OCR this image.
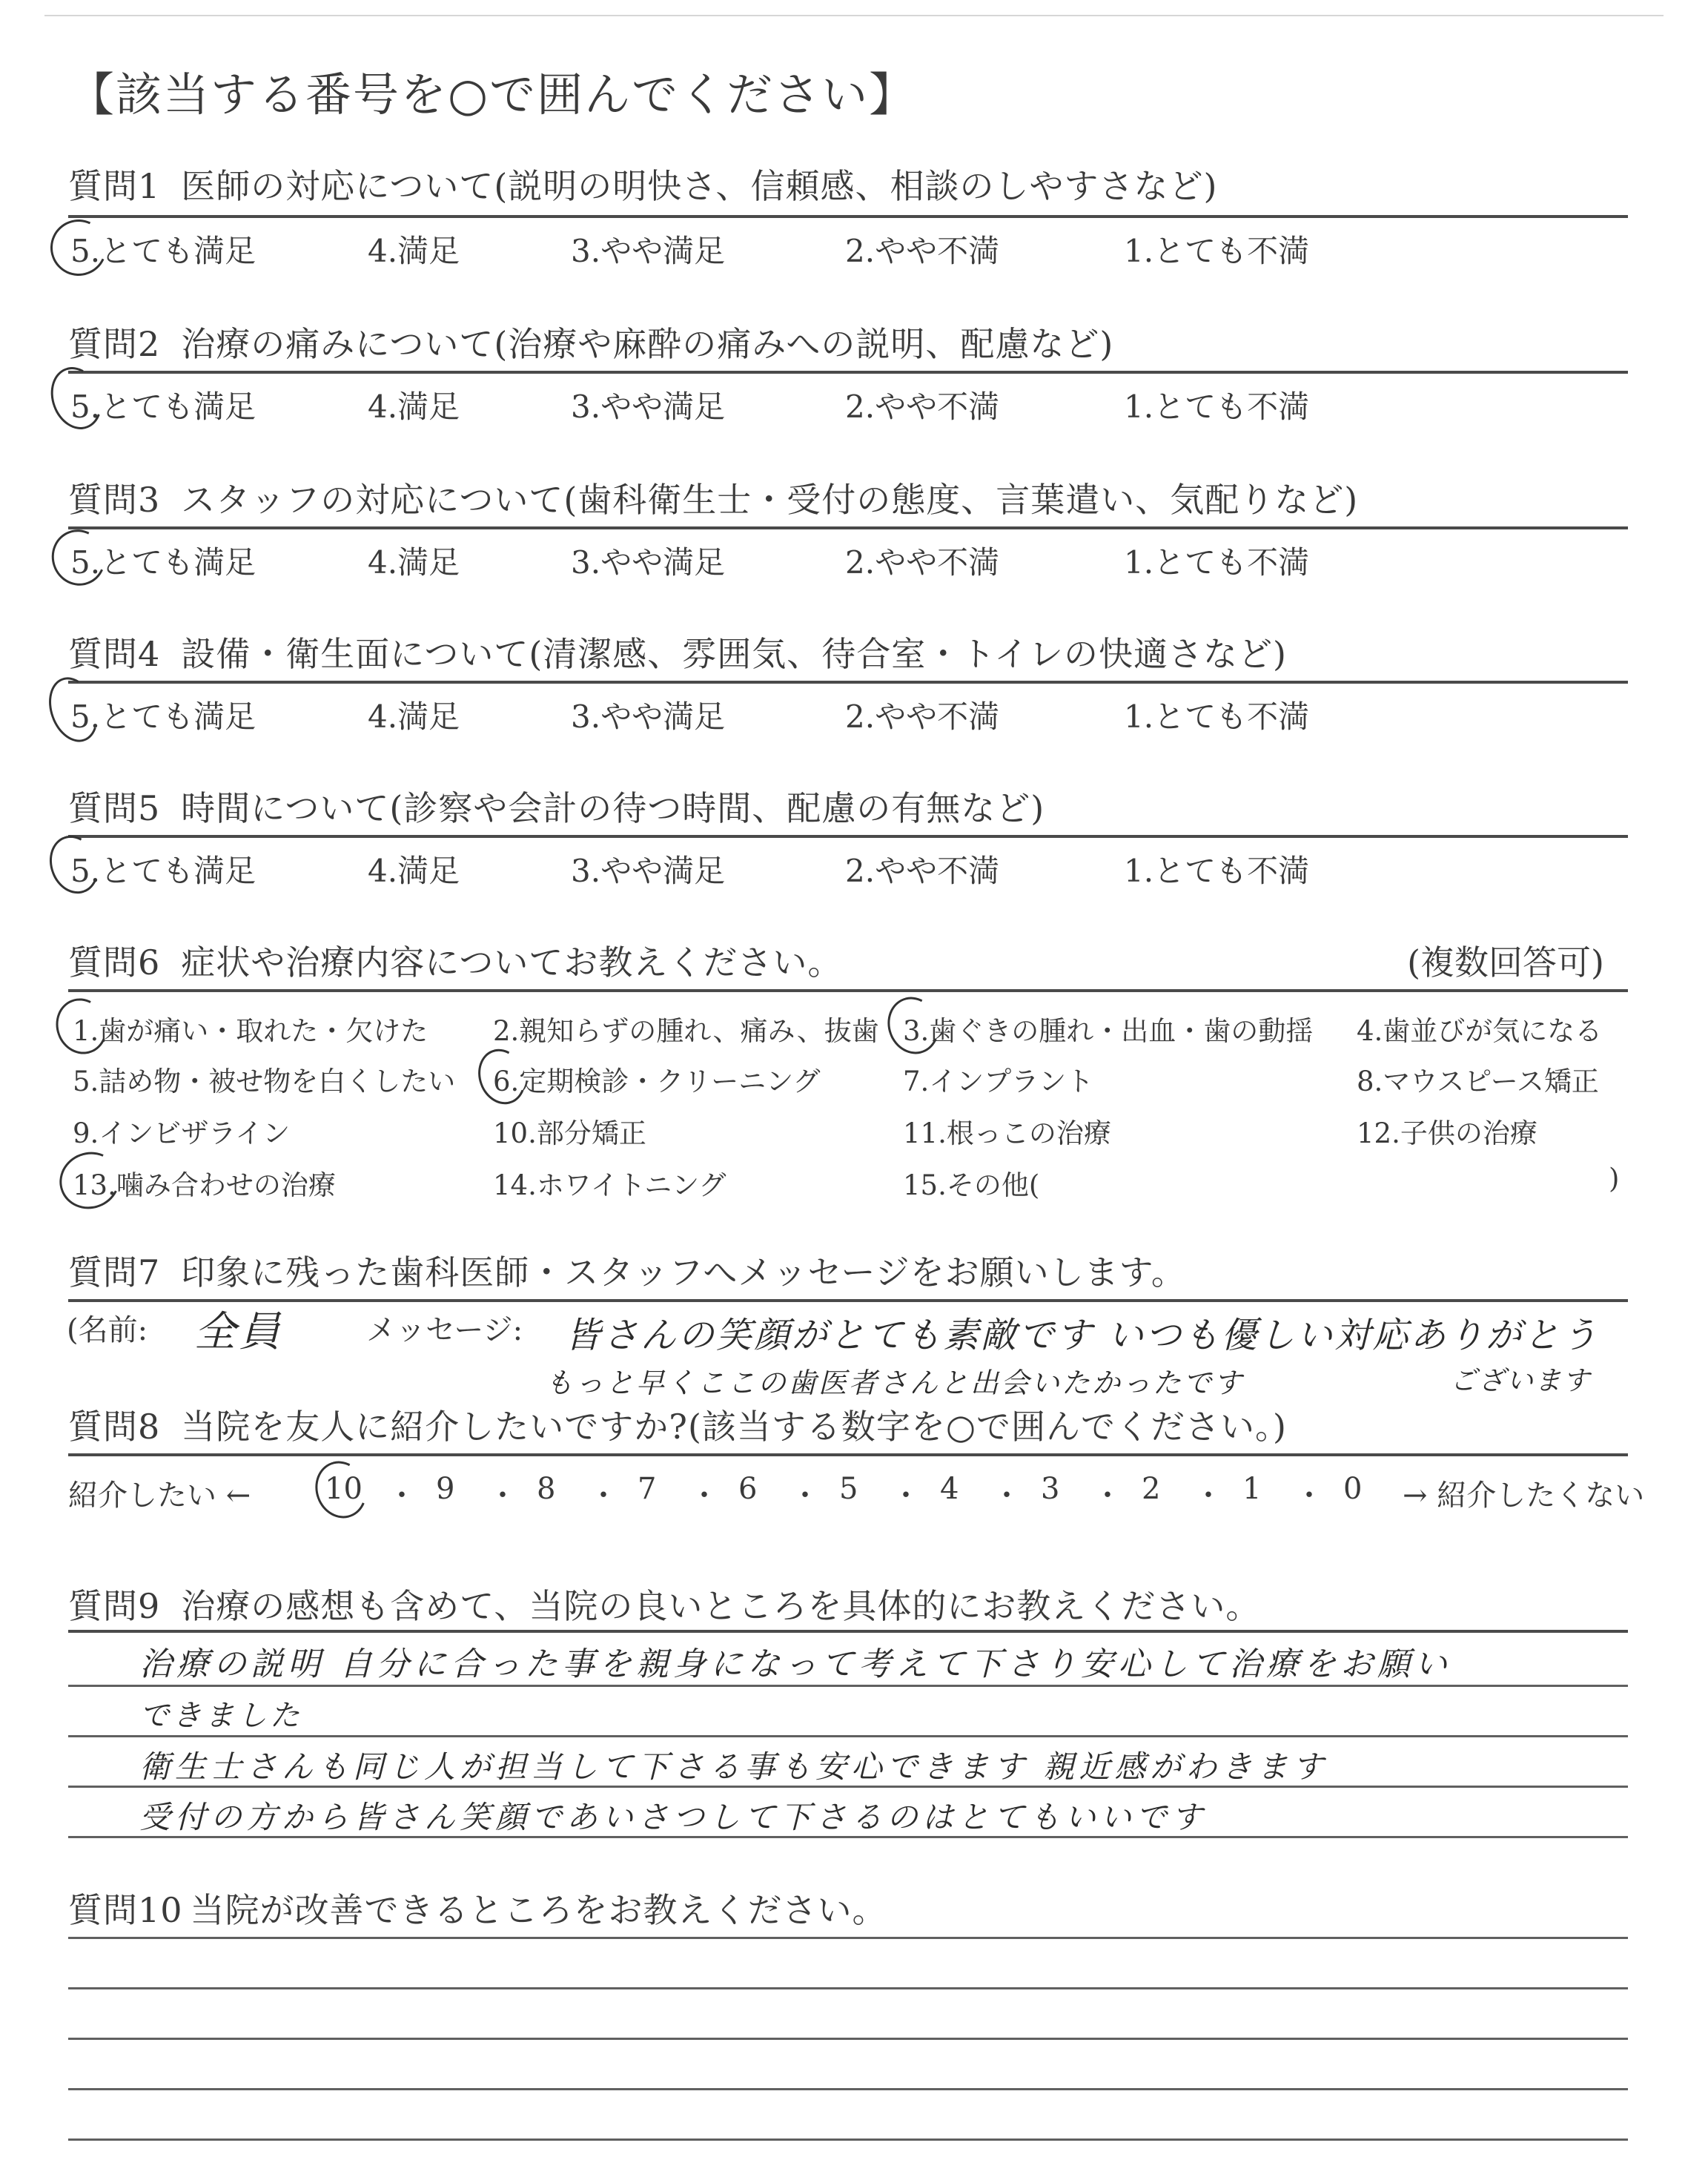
【該当する番号を○で囲んでください】
質問1 医師の対応について(説明の明快さ、信頼感、相談のしやすさなど)
5.とても満足	4.満足	3.やや満足	2.やや不満	1.とても不満
質問2 治療の痛みについて(治療や麻酔の痛みへの説明、配慮など)
5.とても満足	4.満足	3.やや満足	2.やや不満	1.とても不満
質問3 スタッフの対応について(歯科衛生士・受付の態度、言葉遣い、気配りなど)
5.とても満足	4.満足	3.やや満足	2.やや不満	1.とても不満
質問4 設備・衛生面について(清潔感、雰囲気、待合室・トイレの快適さなど)
5.とても満足	4.満足	3.やや満足	2.やや不満	1.とても不満
質問5 時間について(診察や会計の待つ時間、配慮の有無など)
5.とても満足	4.満足	3.やや満足	2.やや不満	1.とても不満
質問6 症状や治療内容についてお教えください。	(複数回答可)
1.歯が痛い・取れた・欠けた 2.親知らずの腫れ、痛み、抜歯 3.歯ぐきの腫れ・出血・歯の動揺 4.歯並びが気になる
5.詰め物・被せ物を白くしたい 6.定期検診・クリーニング	7.インプラント	8.マウスピース矯正
9.インビザライン	10.部分矯正	11.根っこの治療	12.子供の治療
13.噛み合わせの治療	14.ホワイトニング	15.その他(	)
質問7 印象に残った歯科医師・スタッフへメッセージをお願いします。
(名前: 全員	メッセージ: 皆さんの笑顔がとても素敵です いつも優しい対応ありがとう
もっと早くここの歯医者さんと出会いたかったです	ございます
質問8 当院を友人に紹介したいですか?(該当する数字を○で囲んでください。)
紹介したい ← 10 ・ 9 ・ 8 ・ 7 ・ 6 ・ 5 ・ 4 ・ 3 ・ 2 ・ 1 ・ 0 → 紹介したくない
質問9 治療の感想も含めて、当院の良いところを具体的にお教えください。
治療の説明 自分に合った事を親身になって考えて下さり安心して治療をお願い
できました
衛生士さんも同じ人が担当して下さる事も安心できます 親近感がわきます
受付の方から皆さん笑顔であいさつして下さるのはとてもいいです
質問10 当院が改善できるところをお教えください。
